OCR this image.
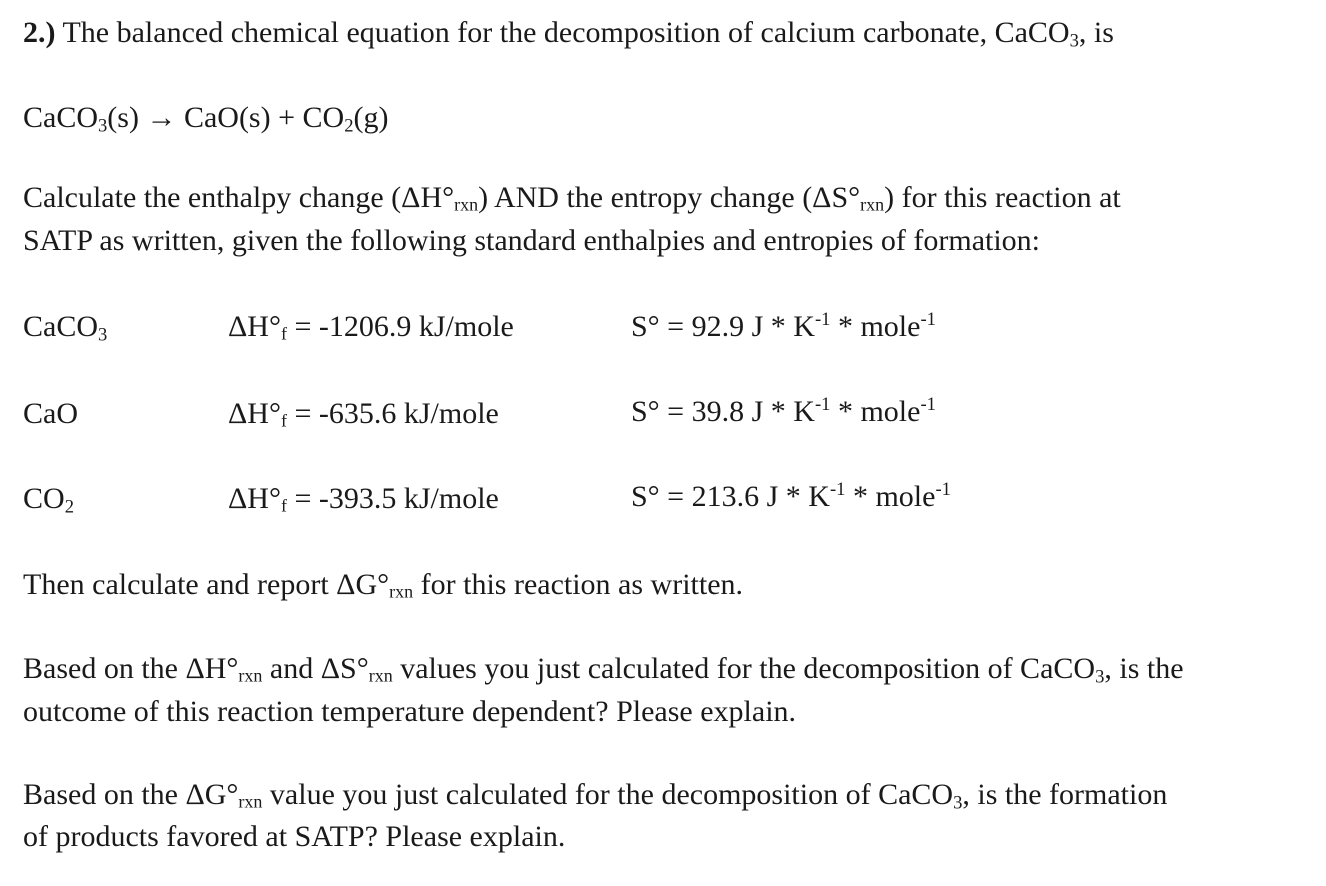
2.) The balanced chemical equation for the decomposition of calcium carbonate, CaCO$_3$, is
CaCO$_3$(s) → $CaO(s) + CO_2(g)$
Calculate the enthalpy change (ΔH°rxn) AND the entropy change (ΔS°rxn) for this reaction at
SATP as written, given the following standard enthalpies and entropies of formation:
CaCO$_3$	ΔH°f = -1206.9 kJ/mole	S° = 92.9 J * $K^{-1}$ * mole$^{-1}$
CaO	ΔH°f = -635.6 kJ/mole	S° = 39.8 J * $K^{-1}$ * mole$^{-1}$
$CO_2$	ΔH°f = -393.5 kJ/mole	S° = 213.6 J * $K^{-1}$ * mole$^{-1}$
Then calculate and report ΔG°rxn for this reaction as written.
Based on the ΔH°rxn and ΔS°rxn values you just calculated for the decomposition of CaCO$_3$, is the
outcome of this reaction temperature dependent? Please explain.
Based on the ΔG°rxn value you just calculated for the decomposition of CaCO$_3$, is the formation
of products favored at SATP? Please explain.
